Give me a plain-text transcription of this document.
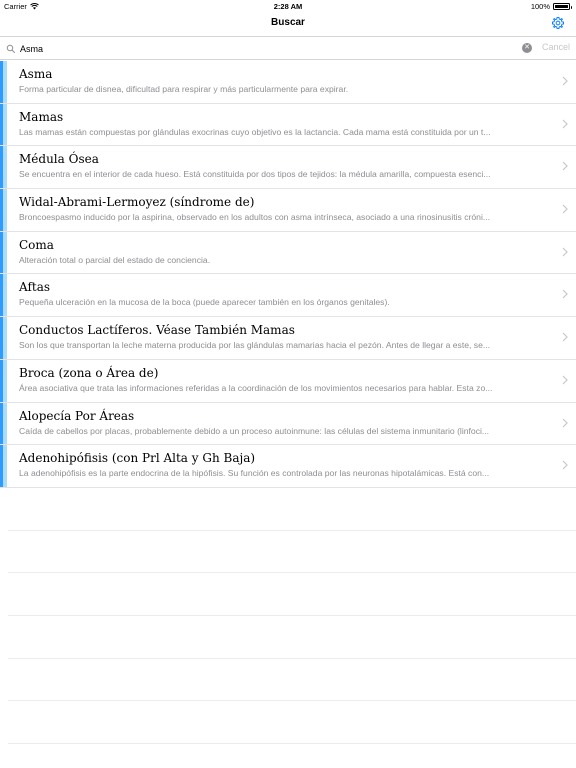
Carrier	2:28 AM	100%
Buscar
Asma
✕ Cancel
Asma
Forma particular de disnea, dificultad para respirar y más particularmente para expirar.
Mamas
Las mamas están compuestas por glándulas exocrinas cuyo objetivo es la lactancia. Cada mama está constituida por un t...
Médula Ósea
Se encuentra en el interior de cada hueso. Está constituida por dos tipos de tejidos: la médula amarilla, compuesta esenci...
Widal-Abrami-Lermoyez (síndrome de)
Broncoespasmo inducido por la aspirina, observado en los adultos con asma intrínseca, asociado a una rinosinusitis cróni...
Coma
Alteración total o parcial del estado de conciencia.
Aftas
Pequeña ulceración en la mucosa de la boca (puede aparecer también en los órganos genitales).
Conductos Lactíferos. Véase También Mamas
Son los que transportan la leche materna producida por las glándulas mamarias hacia el pezón. Antes de llegar a este, se...
Broca (zona o Área de)
Área asociativa que trata las informaciones referidas a la coordinación de los movimientos necesarios para hablar. Esta zo...
Alopecía Por Áreas
Caída de cabellos por placas, probablemente debido a un proceso autoinmune: las células del sistema inmunitario (linfoci...
Adenohipófisis (con Prl Alta y Gh Baja)
La adenohipófisis es la parte endocrina de la hipófisis. Su función es controlada por las neuronas hipotalámicas. Está con...
